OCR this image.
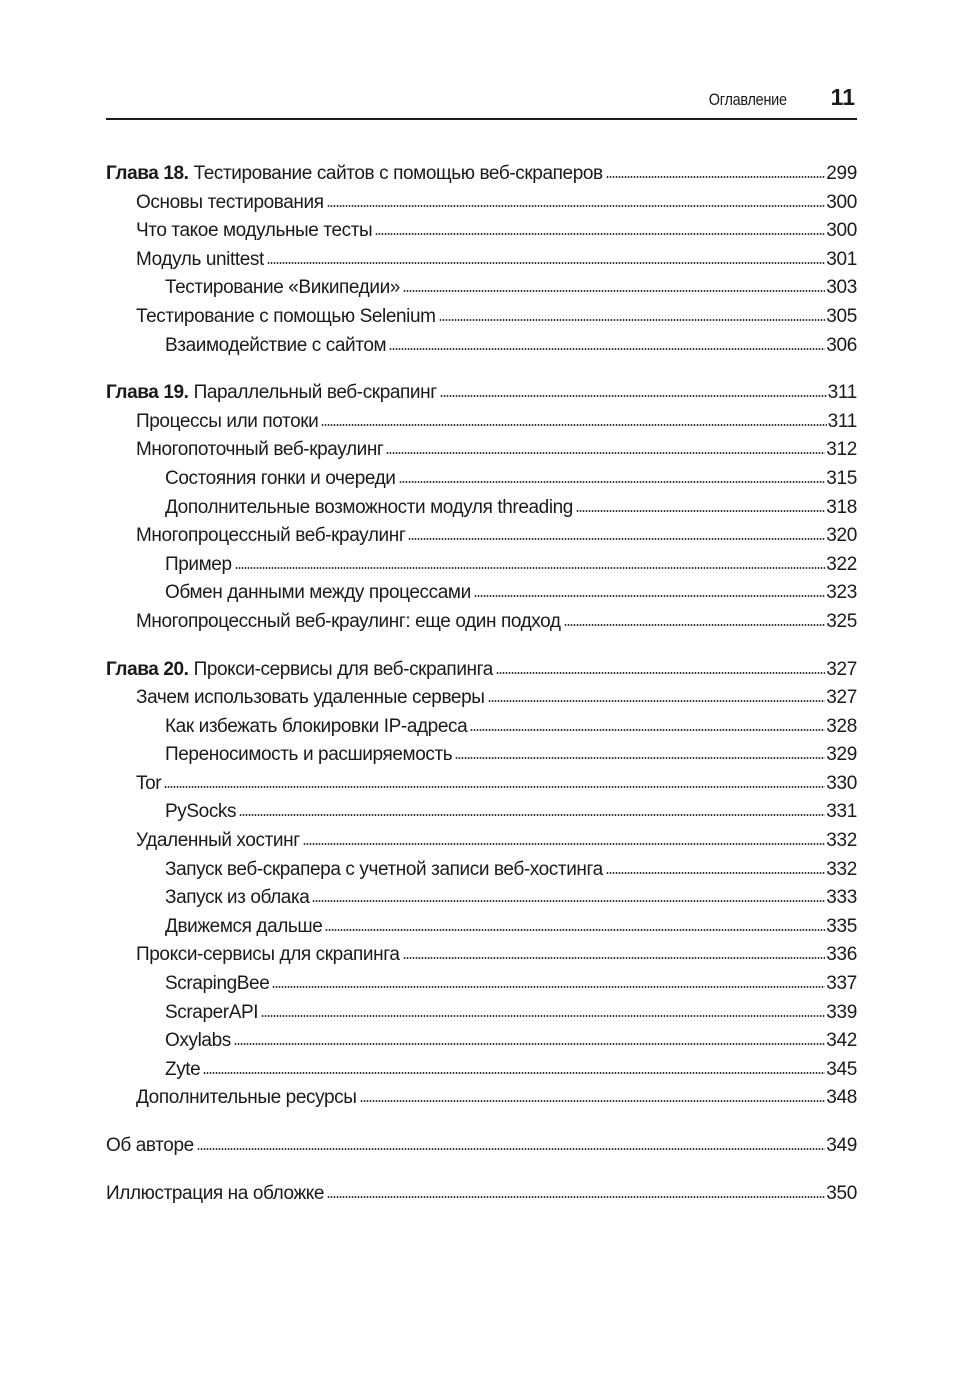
Оглавление 11
Глава 18. Тестирование сайтов с помощью веб-скраперов	299
Основы тестирования	300
Что такое модульные тесты	300
Модуль unittest	301
Тестирование «Википедии»	303
Тестирование с помощью Selenium	305
Взаимодействие с сайтом	306
Глава 19. Параллельный веб-скрапинг	311
Процессы или потоки	311
Многопоточный веб-краулинг	312
Состояния гонки и очереди	315
Дополнительные возможности модуля threading	318
Многопроцессный веб-краулинг	320
Пример	322
Обмен данными между процессами	323
Многопроцессный веб-краулинг: еще один подход	325
Глава 20. Прокси-сервисы для веб-скрапинга	327
Зачем использовать удаленные серверы	327
Как избежать блокировки IP-адреса	328
Переносимость и расширяемость	329
Tor	330
PySocks	331
Удаленный хостинг	332
Запуск веб-скрапера с учетной записи веб-хостинга	332
Запуск из облака	333
Движемся дальше	335
Прокси-сервисы для скрапинга	336
ScrapingBee	337
ScraperAPI	339
Oxylabs	342
Zyte	345
Дополнительные ресурсы	348
Об авторе	349
Иллюстрация на обложке	350
